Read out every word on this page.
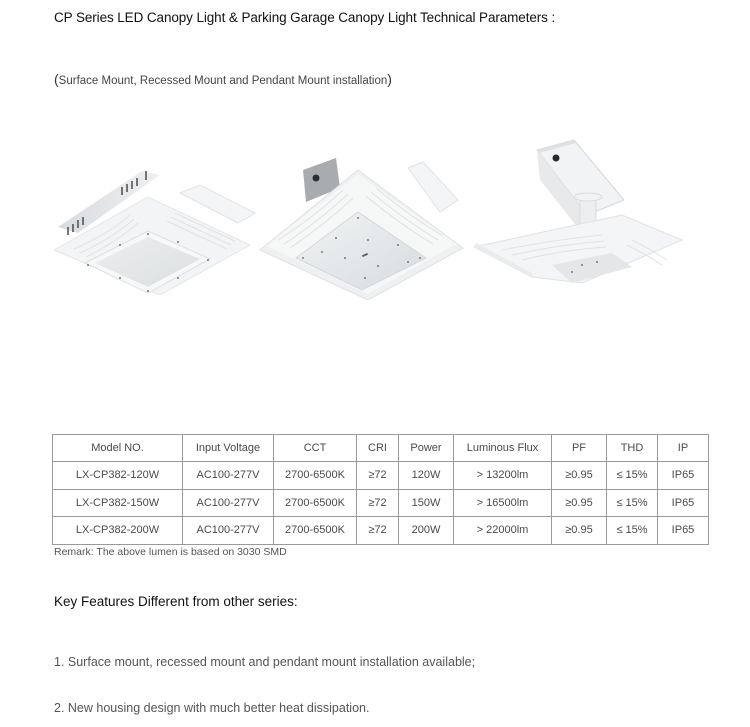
CP Series LED Canopy Light & Parking Garage Canopy Light Technical Parameters :
(Surface Mount, Recessed Mount and Pendant Mount installation)
Model NO.	Input Voltage	CCT	CRI	Power	Luminous Flux	PF	THD	IP
LX-CP382-120W	AC100-277V	2700-6500K	≥72	120W	> 13200lm	≥0.95	≤ 15%	IP65
LX-CP382-150W	AC100-277V	2700-6500K	≥72	150W	> 16500lm	≥0.95	≤ 15%	IP65
LX-CP382-200W	AC100-277V	2700-6500K	≥72	200W	> 22000lm	≥0.95	≤ 15%	IP65
Remark: The above lumen is based on 3030 SMD
Key Features Different from other series:
1. Surface mount, recessed mount and pendant mount installation available;
2. New housing design with much better heat dissipation.
